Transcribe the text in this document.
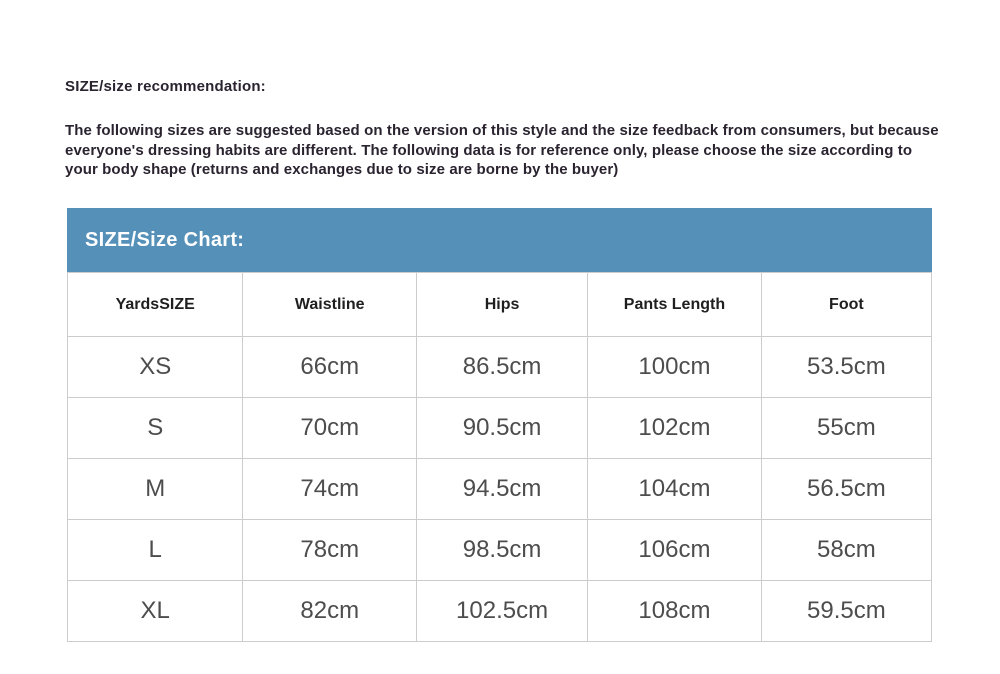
SIZE/size recommendation:

The following sizes are suggested based on the version of this style and the size feedback from consumers, but because everyone's dressing habits are different. The following data is for reference only, please choose the size according to your body shape (returns and exchanges due to size are borne by the buyer)

SIZE/Size Chart:
YardsSIZE	Waistline	Hips	Pants Length	Foot
XS	66cm	86.5cm	100cm	53.5cm
S	70cm	90.5cm	102cm	55cm
M	74cm	94.5cm	104cm	56.5cm
L	78cm	98.5cm	106cm	58cm
XL	82cm	102.5cm	108cm	59.5cm
